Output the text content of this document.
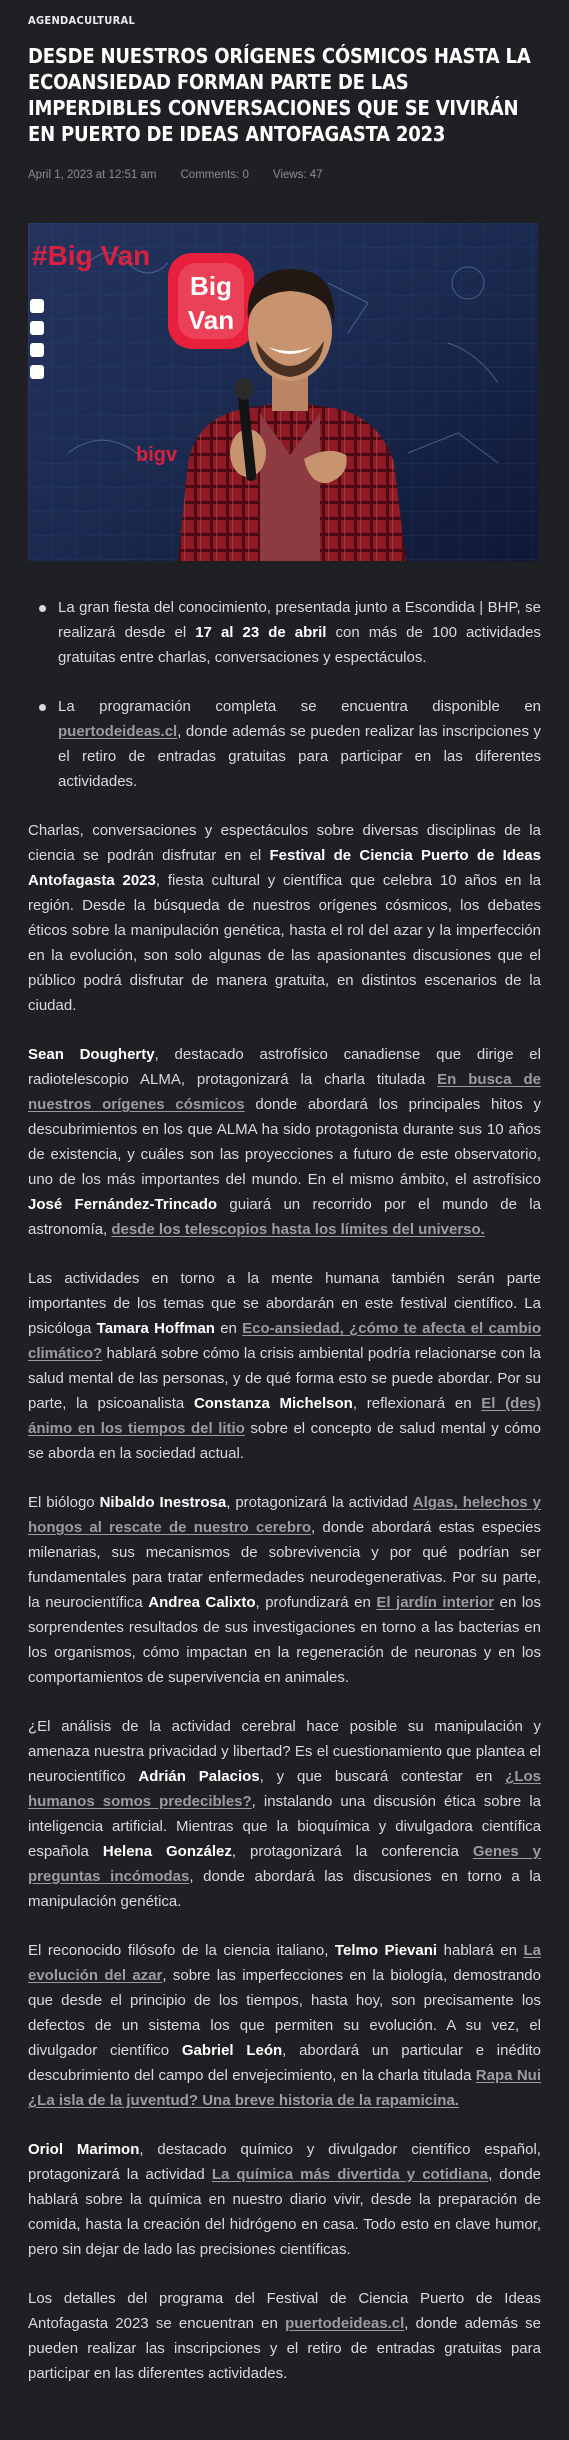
AGENDACULTURAL
DESDE NUESTROS ORÍGENES CÓSMICOS HASTA LA ECOANSIEDAD FORMAN PARTE DE LAS IMPERDIBLES CONVERSACIONES QUE SE VIVIRÁN EN PUERTO DE IDEAS ANTOFAGASTA 2023
April 1, 2023 at 12:51 am Comments: 0 Views: 47
#Big Van
Big
Van
bigv
La gran fiesta del conocimiento, presentada junto a Escondida | BHP, se realizará desde el 17 al 23 de abril con más de 100 actividades gratuitas entre charlas, conversaciones y espectáculos.
La programación completa se encuentra disponible en puertodeideas.cl, donde además se pueden realizar las inscripciones y el retiro de entradas gratuitas para participar en las diferentes actividades.

Charlas, conversaciones y espectáculos sobre diversas disciplinas de la ciencia se podrán disfrutar en el Festival de Ciencia Puerto de Ideas Antofagasta 2023, fiesta cultural y científica que celebra 10 años en la región. Desde la búsqueda de nuestros orígenes cósmicos, los debates éticos sobre la manipulación genética, hasta el rol del azar y la imperfección en la evolución, son solo algunas de las apasionantes discusiones que el público podrá disfrutar de manera gratuita, en distintos escenarios de la ciudad.

Sean Dougherty, destacado astrofísico canadiense que dirige el radiotelescopio ALMA, protagonizará la charla titulada En busca de nuestros orígenes cósmicos donde abordará los principales hitos y descubrimientos en los que ALMA ha sido protagonista durante sus 10 años de existencia, y cuáles son las proyecciones a futuro de este observatorio, uno de los más importantes del mundo. En el mismo ámbito, el astrofísico José Fernández-Trincado guiará un recorrido por el mundo de la astronomía, desde los telescopios hasta los límites del universo.

Las actividades en torno a la mente humana también serán parte importantes de los temas que se abordarán en este festival científico. La psicóloga Tamara Hoffman en Eco-ansiedad, ¿cómo te afecta el cambio climático? hablará sobre cómo la crisis ambiental podría relacionarse con la salud mental de las personas, y de qué forma esto se puede abordar. Por su parte, la psicoanalista Constanza Michelson, reflexionará en El (des) ánimo en los tiempos del litio sobre el concepto de salud mental y cómo se aborda en la sociedad actual.

El biólogo Nibaldo Inestrosa, protagonizará la actividad Algas, helechos y hongos al rescate de nuestro cerebro, donde abordará estas especies milenarias, sus mecanismos de sobrevivencia y por qué podrían ser fundamentales para tratar enfermedades neurodegenerativas. Por su parte, la neurocientífica Andrea Calixto, profundizará en El jardín interior en los sorprendentes resultados de sus investigaciones en torno a las bacterias en los organismos, cómo impactan en la regeneración de neuronas y en los comportamientos de supervivencia en animales.

¿El análisis de la actividad cerebral hace posible su manipulación y amenaza nuestra privacidad y libertad? Es el cuestionamiento que plantea el neurocientífico Adrián Palacios, y que buscará contestar en ¿Los humanos somos predecibles?, instalando una discusión ética sobre la inteligencia artificial. Mientras que la bioquímica y divulgadora científica española Helena González, protagonizará la conferencia Genes y preguntas incómodas, donde abordará las discusiones en torno a la manipulación genética.

El reconocido filósofo de la ciencia italiano, Telmo Pievani hablará en La evolución del azar, sobre las imperfecciones en la biología, demostrando que desde el principio de los tiempos, hasta hoy, son precisamente los defectos de un sistema los que permiten su evolución. A su vez, el divulgador científico Gabriel León, abordará un particular e inédito descubrimiento del campo del envejecimiento, en la charla titulada Rapa Nui ¿La isla de la juventud? Una breve historia de la rapamicina.

Oriol Marimon, destacado químico y divulgador científico español, protagonizará la actividad La química más divertida y cotidiana, donde hablará sobre la química en nuestro diario vivir, desde la preparación de comida, hasta la creación del hidrógeno en casa. Todo esto en clave humor, pero sin dejar de lado las precisiones científicas.

Los detalles del programa del Festival de Ciencia Puerto de Ideas Antofagasta 2023 se encuentran en puertodeideas.cl, donde además se pueden realizar las inscripciones y el retiro de entradas gratuitas para participar en las diferentes actividades.
